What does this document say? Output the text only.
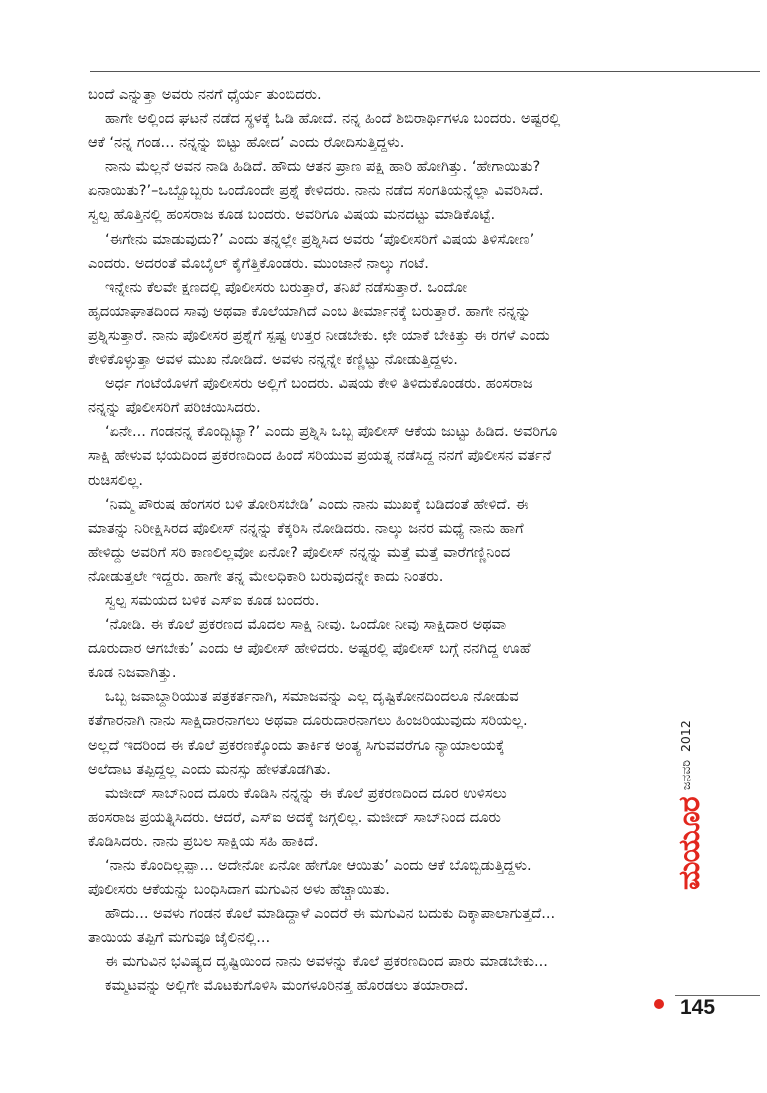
ಬಂದೆ ಎನ್ನುತ್ತಾ ಅವರು ನನಗೆ ಧೈರ್ಯ ತುಂಬಿದರು.

ಹಾಗೇ ಅಲ್ಲಿಂದ ಘಟನೆ ನಡೆದ ಸ್ಥಳಕ್ಕೆ ಓಡಿ ಹೋದೆ. ನನ್ನ ಹಿಂದೆ ಶಿಬಿರಾರ್ಥಿಗಳೂ ಬಂದರು. ಅಷ್ಟರಲ್ಲಿ

ಆಕೆ ‘ನನ್ನ ಗಂಡ... ನನ್ನನ್ನು ಬಿಟ್ಟು ಹೋದ’ ಎಂದು ರೋದಿಸುತ್ತಿದ್ದಳು.

ನಾನು ಮೆಲ್ಲನೆ ಅವನ ನಾಡಿ ಹಿಡಿದೆ. ಹೌದು ಆತನ ಪ್ರಾಣ ಪಕ್ಷಿ ಹಾರಿ ಹೋಗಿತ್ತು. ‘ಹೇಗಾಯಿತು?

ಏನಾಯಿತು?’–ಒಬ್ಬೊಬ್ಬರು ಒಂದೊಂದೇ ಪ್ರಶ್ನೆ ಕೇಳಿದರು. ನಾನು ನಡೆದ ಸಂಗತಿಯನ್ನೆಲ್ಲಾ ವಿವರಿಸಿದೆ.

ಸ್ವಲ್ಪ ಹೊತ್ತಿನಲ್ಲಿ ಹಂಸರಾಜ ಕೂಡ ಬಂದರು. ಅವರಿಗೂ ವಿಷಯ ಮನದಟ್ಟು ಮಾಡಿಕೊಟ್ಟೆ.

‘ಈಗೇನು ಮಾಡುವುದು?’ ಎಂದು ತನ್ನಲ್ಲೇ ಪ್ರಶ್ನಿಸಿದ ಅವರು ‘ಪೊಲೀಸರಿಗೆ ವಿಷಯ ತಿಳಿಸೋಣ’

ಎಂದರು. ಅದರಂತೆ ಮೊಬೈಲ್ ಕೈಗೆತ್ತಿಕೊಂಡರು. ಮುಂಜಾನೆ ನಾಲ್ಕು ಗಂಟೆ.

ಇನ್ನೇನು ಕೆಲವೇ ಕ್ಷಣದಲ್ಲಿ ಪೊಲೀಸರು ಬರುತ್ತಾರೆ, ತನಿಖೆ ನಡೆಸುತ್ತಾರೆ. ಒಂದೋ

ಹೃದಯಾಘಾತದಿಂದ ಸಾವು ಅಥವಾ ಕೊಲೆಯಾಗಿದೆ ಎಂಬ ತೀರ್ಮಾನಕ್ಕೆ ಬರುತ್ತಾರೆ. ಹಾಗೇ ನನ್ನನ್ನು

ಪ್ರಶ್ನಿಸುತ್ತಾರೆ. ನಾನು ಪೊಲೀಸರ ಪ್ರಶ್ನೆಗೆ ಸ್ಪಷ್ಟ ಉತ್ತರ ನೀಡಬೇಕು. ಛೇ ಯಾಕೆ ಬೇಕಿತ್ತು ಈ ರಗಳೆ ಎಂದು

ಕೇಳಿಕೊಳ್ಳುತ್ತಾ ಅವಳ ಮುಖ ನೋಡಿದೆ. ಅವಳು ನನ್ನನ್ನೇ ಕಣ್ಣಿಟ್ಟು ನೋಡುತ್ತಿದ್ದಳು.

ಅರ್ಧ ಗಂಟೆಯೊಳಗೆ ಪೊಲೀಸರು ಅಲ್ಲಿಗೆ ಬಂದರು. ವಿಷಯ ಕೇಳಿ ತಿಳಿದುಕೊಂಡರು. ಹಂಸರಾಜ

ನನ್ನನ್ನು ಪೊಲೀಸರಿಗೆ ಪರಿಚಯಿಸಿದರು.

‘ಏನೇ... ಗಂಡನನ್ನ ಕೊಂದ್ಬಿಟ್ಯಾ?’ ಎಂದು ಪ್ರಶ್ನಿಸಿ ಒಬ್ಬ ಪೊಲೀಸ್ ಆಕೆಯ ಜುಟ್ಟು ಹಿಡಿದ. ಅವರಿಗೂ

ಸಾಕ್ಷಿ ಹೇಳುವ ಭಯದಿಂದ ಪ್ರಕರಣದಿಂದ ಹಿಂದೆ ಸರಿಯುವ ಪ್ರಯತ್ನ ನಡೆಸಿದ್ದ ನನಗೆ ಪೊಲೀಸನ ವರ್ತನೆ

ರುಚಿಸಲಿಲ್ಲ.

‘ನಿಮ್ಮ ಪೌರುಷ ಹೆಂಗಸರ ಬಳಿ ತೋರಿಸಬೇಡಿ’ ಎಂದು ನಾನು ಮುಖಕ್ಕೆ ಬಡಿದಂತೆ ಹೇಳಿದೆ. ಈ

ಮಾತನ್ನು ನಿರೀಕ್ಷಿಸಿರದ ಪೊಲೀಸ್ ನನ್ನನ್ನು ಕೆಕ್ಕರಿಸಿ ನೋಡಿದರು. ನಾಲ್ಕು ಜನರ ಮಧ್ಯೆ ನಾನು ಹಾಗೆ

ಹೇಳಿದ್ದು ಅವರಿಗೆ ಸರಿ ಕಾಣಲಿಲ್ಲವೋ ಏನೋ? ಪೊಲೀಸ್ ನನ್ನನ್ನು ಮತ್ತೆ ಮತ್ತೆ ವಾರೆಗಣ್ಣಿನಿಂದ

ನೋಡುತ್ತಲೇ ಇದ್ದರು. ಹಾಗೇ ತನ್ನ ಮೇಲಧಿಕಾರಿ ಬರುವುದನ್ನೇ ಕಾದು ನಿಂತರು.

ಸ್ವಲ್ಪ ಸಮಯದ ಬಳಿಕ ಎಸ್ಐ ಕೂಡ ಬಂದರು.

‘ನೋಡಿ. ಈ ಕೊಲೆ ಪ್ರಕರಣದ ಮೊದಲ ಸಾಕ್ಷಿ ನೀವು. ಒಂದೋ ನೀವು ಸಾಕ್ಷಿದಾರ ಅಥವಾ

ದೂರುದಾರ ಆಗಬೇಕು’ ಎಂದು ಆ ಪೊಲೀಸ್ ಹೇಳಿದರು. ಅಷ್ಟರಲ್ಲಿ ಪೊಲೀಸ್ ಬಗ್ಗೆ ನನಗಿದ್ದ ಊಹೆ

ಕೂಡ ನಿಜವಾಗಿತ್ತು.

ಒಬ್ಬ ಜವಾಬ್ದಾರಿಯುತ ಪತ್ರಕರ್ತನಾಗಿ, ಸಮಾಜವನ್ನು ಎಲ್ಲ ದೃಷ್ಟಿಕೋನದಿಂದಲೂ ನೋಡುವ

ಕತೆಗಾರನಾಗಿ ನಾನು ಸಾಕ್ಷಿದಾರನಾಗಲು ಅಥವಾ ದೂರುದಾರನಾಗಲು ಹಿಂಜರಿಯುವುದು ಸರಿಯಲ್ಲ.

ಅಲ್ಲದೆ ಇದರಿಂದ ಈ ಕೊಲೆ ಪ್ರಕರಣಕ್ಕೊಂದು ತಾರ್ಕಿಕ ಅಂತ್ಯ ಸಿಗುವವರೆಗೂ ನ್ಯಾಯಾಲಯಕ್ಕೆ

ಅಲೆದಾಟ ತಪ್ಪಿದ್ದಲ್ಲ ಎಂದು ಮನಸ್ಸು ಹೇಳತೊಡಗಿತು.

ಮಜೀದ್ ಸಾಬ್‌ನಿಂದ ದೂರು ಕೊಡಿಸಿ ನನ್ನನ್ನು ಈ ಕೊಲೆ ಪ್ರಕರಣದಿಂದ ದೂರ ಉಳಿಸಲು

ಹಂಸರಾಜ ಪ್ರಯತ್ನಿಸಿದರು. ಆದರೆ, ಎಸ್ಐ ಅದಕ್ಕೆ ಜಗ್ಗಲಿಲ್ಲ. ಮಜೀದ್ ಸಾಬ್‌ನಿಂದ ದೂರು

ಕೊಡಿಸಿದರು. ನಾನು ಪ್ರಬಲ ಸಾಕ್ಷಿಯ ಸಹಿ ಹಾಕಿದೆ.

‘ನಾನು ಕೊಂದಿಲ್ಲಪ್ಪಾ... ಅದೇನೋ ಏನೋ ಹೇಗೋ ಆಯಿತು’ ಎಂದು ಆಕೆ ಬೊಬ್ಬಿಡುತ್ತಿದ್ದಳು.

ಪೊಲೀಸರು ಆಕೆಯನ್ನು ಬಂಧಿಸಿದಾಗ ಮಗುವಿನ ಅಳು ಹೆಚ್ಚಾಯಿತು.

ಹೌದು... ಅವಳು ಗಂಡನ ಕೊಲೆ ಮಾಡಿದ್ದಾಳೆ ಎಂದರೆ ಈ ಮಗುವಿನ ಬದುಕು ದಿಕ್ಕಾಪಾಲಾಗುತ್ತದೆ...

ತಾಯಿಯ ತಪ್ಪಿಗೆ ಮಗುವೂ ಜೈಲಿನಲ್ಲಿ...

ಈ ಮಗುವಿನ ಭವಿಷ್ಯದ ದೃಷ್ಟಿಯಿಂದ ನಾನು ಅವಳನ್ನು ಕೊಲೆ ಪ್ರಕರಣದಿಂದ ಪಾರು ಮಾಡಬೇಕು...

ಕಮ್ಮಟವನ್ನು ಅಲ್ಲಿಗೇ ಮೊಟಕುಗೊಳಿಸಿ ಮಂಗಳೂರಿನತ್ತ ಹೊರಡಲು ತಯಾರಾದೆ.

ಜನವರಿ2012
ಮಯೂರ
145
